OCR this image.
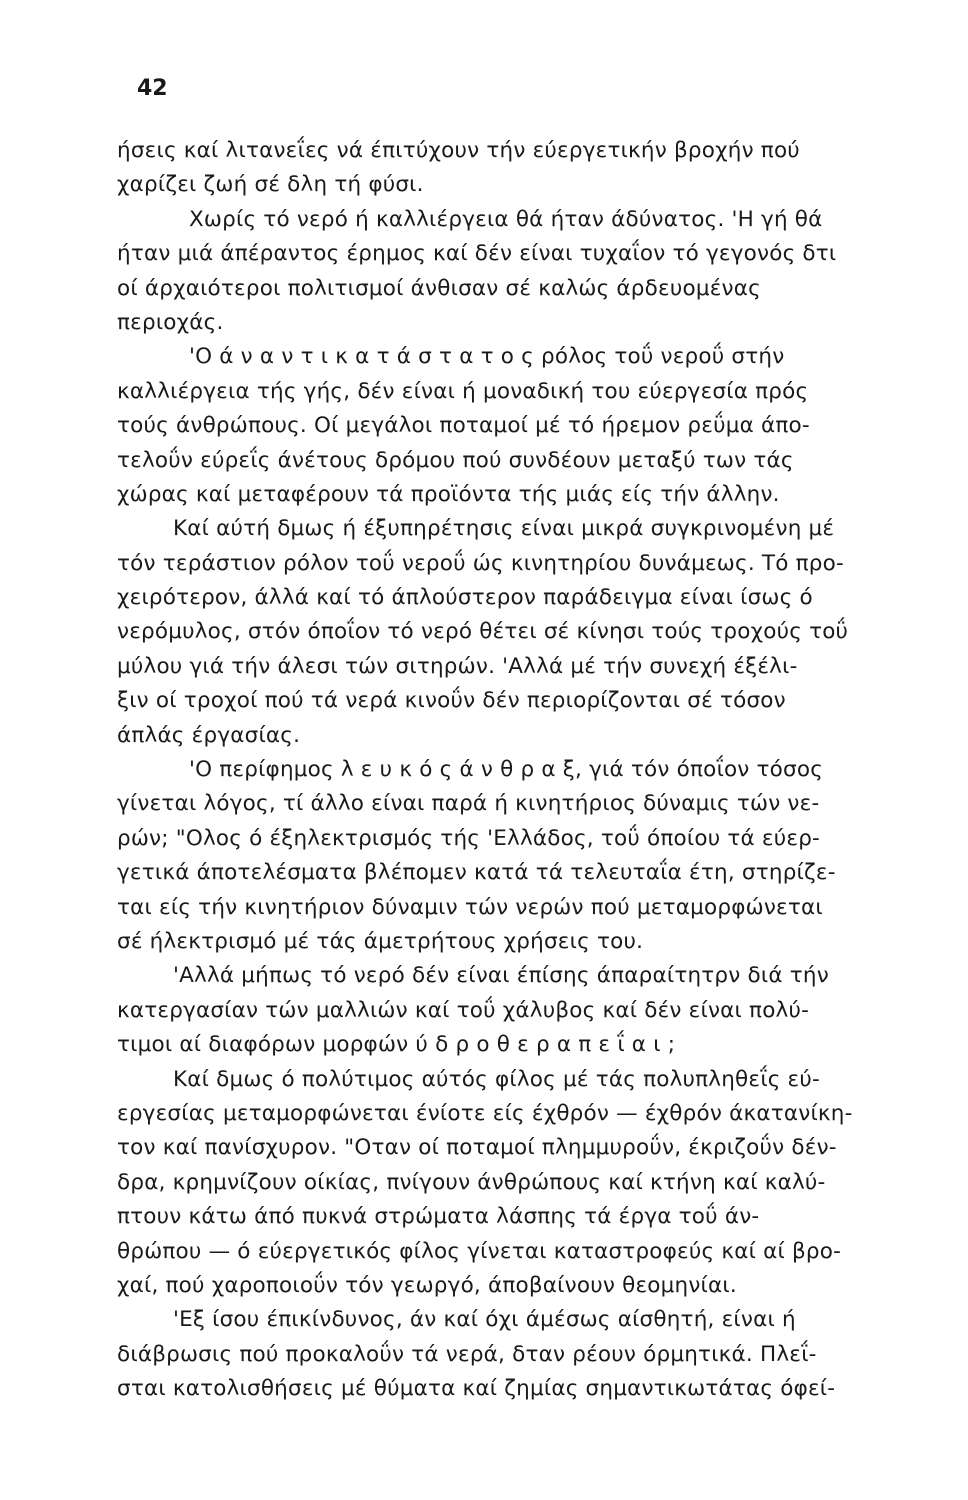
42
ήσεις καί λιτανεΐες νά έπιτύχουν τήν εύεργετικήν βροχήν πού
χαρίζει ζωή σέ δλη τή φύσι.
Χωρίς τό νερό ή καλλιέργεια θά ήταν άδύνατος. 'Η γή θά
ήταν μιά άπέραντος έρημος καί δέν είναι τυχαΐον τό γεγονός δτι
οί άρχαιότεροι πολιτισμοί άνθισαν σέ καλώς άρδευομένας
περιοχάς.
'Ο ά ν α ν τ ι κ α τ ά σ τ α τ ο ς ρόλος τοΰ νεροΰ στήν
καλλιέργεια τής γής, δέν είναι ή μοναδική του εύεργεσία πρός
τούς άνθρώπους. Οί μεγάλοι ποταμοί μέ τό ήρεμον ρεΰμα άπο-
τελοΰν εύρεΐς άνέτους δρόμου πού συνδέουν μεταξύ των τάς
χώρας καί μεταφέρουν τά προϊόντα τής μιάς είς τήν άλλην.
Καί αύτή δμως ή έξυπηρέτησις είναι μικρά συγκρινομένη μέ
τόν τεράστιον ρόλον τοΰ νεροΰ ώς κινητηρίου δυνάμεως. Τό προ-
χειρότερον, άλλά καί τό άπλούστερον παράδειγμα είναι ίσως ό
νερόμυλος, στόν όποΐον τό νερό θέτει σέ κίνησι τούς τροχούς τοΰ
μύλου γιά τήν άλεσι τών σιτηρών. 'Αλλά μέ τήν συνεχή έξέλι-
ξιν οί τροχοί πού τά νερά κινοΰν δέν περιορίζονται σέ τόσον
άπλάς έργασίας.
'Ο περίφημος λ ε υ κ ό ς ά ν θ ρ α ξ, γιά τόν όποΐον τόσος
γίνεται λόγος, τί άλλο είναι παρά ή κινητήριος δύναμις τών νε-
ρών; "Ολος ό έξηλεκτρισμός τής 'Ελλάδος, τοΰ όποίου τά εύερ-
γετικά άποτελέσματα βλέπομεν κατά τά τελευταΐα έτη, στηρίζε-
ται είς τήν κινητήριον δύναμιν τών νερών πού μεταμορφώνεται
σέ ήλεκτρισμό μέ τάς άμετρήτους χρήσεις του.
'Αλλά μήπως τό νερό δέν είναι έπίσης άπαραίτητρν διά τήν
κατεργασίαν τών μαλλιών καί τοΰ χάλυβος καί δέν είναι πολύ-
τιμοι αί διαφόρων μορφών ύ δ ρ ο θ ε ρ α π ε ΐ α ι ;
Καί δμως ό πολύτιμος αύτός φίλος μέ τάς πολυπληθεΐς εύ-
εργεσίας μεταμορφώνεται ένίοτε είς έχθρόν — έχθρόν άκατανίκη-
τον καί πανίσχυρον. "Οταν οί ποταμοί πλημμυροΰν, έκριζοΰν δέν-
δρα, κρημνίζουν οίκίας, πνίγουν άνθρώπους καί κτήνη καί καλύ-
πτουν κάτω άπό πυκνά στρώματα λάσπης τά έργα τοΰ άν-
θρώπου — ό εύεργετικός φίλος γίνεται καταστροφεύς καί αί βρο-
χαί, πού χαροποιοΰν τόν γεωργό, άποβαίνουν θεομηνίαι.
'Εξ ίσου έπικίνδυνος, άν καί όχι άμέσως αίσθητή, είναι ή
διάβρωσις πού προκαλοΰν τά νερά, δταν ρέουν όρμητικά. Πλεΐ-
σται κατολισθήσεις μέ θύματα καί ζημίας σημαντικωτάτας όφεί-
